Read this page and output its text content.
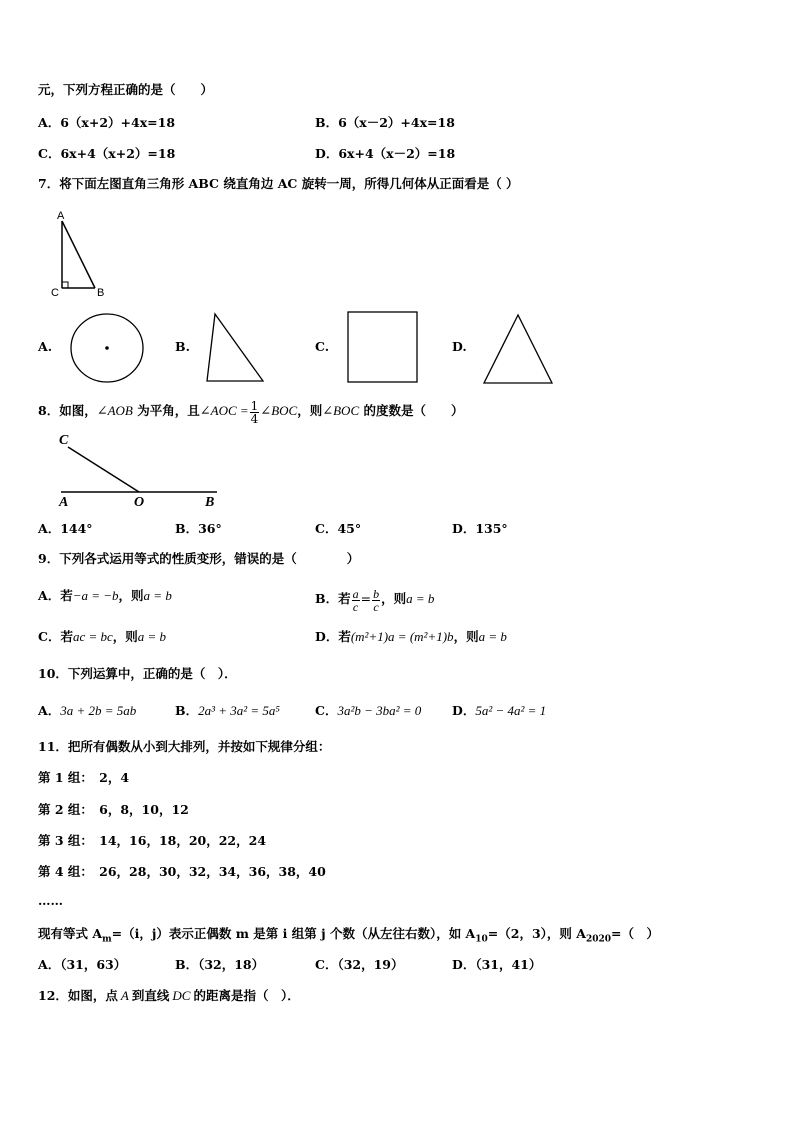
元，下列方程正确的是（　　）
A．6（x+2）+4x=18	B．6（x－2）+4x=18
C．6x+4（x+2）=18	D．6x+4（x－2）=18
7．将下面左图直角三角形 ABC 绕直角边 AC 旋转一周，所得几何体从正面看是（ ）
A
C	B
A.	B.	C.	D.
8．如图，∠AOB 为平角，且∠AOC = $\frac{1}{4}$ ∠BOC，则∠BOC 的度数是（　　）
C
A	O	B
A．144°	B．36°	C．45°	D．135°
9．下列各式运用等式的性质变形，错误的是（　　　　）
A．若−a = −b，则a = b	B．若 $\frac{a}{c} = \frac{b}{c}$ ，则a = b
C．若ac = bc，则a = b	D．若(m²+1)a = (m²+1)b，则a = b
10．下列运算中，正确的是（　）．
A．3a + 2b = 5ab	B．2a³ + 3a² = 5a⁵	C．3a²b − 3ba² = 0 D．5a² − 4a² = 1
11．把所有偶数从小到大排列，并按如下规律分组：
第 1 组：　2，4
第 2 组：　6，8，10，12
第 3 组：　14，16，18，20，22，24
第 4 组：　26，28，30，32，34，36，38，40
……
现有等式 $A_m=(i$，j）表示正偶数 m 是第 i 组第 j 个数（从左往右数），如 $A_{10}=(2$，3），则 $A_{2020}=$（　）
A．（31，63）	B．（32，18）	C．（32，19）	D．（31，41）
12．如图，点 A 到直线 DC 的距离是指（　）．
